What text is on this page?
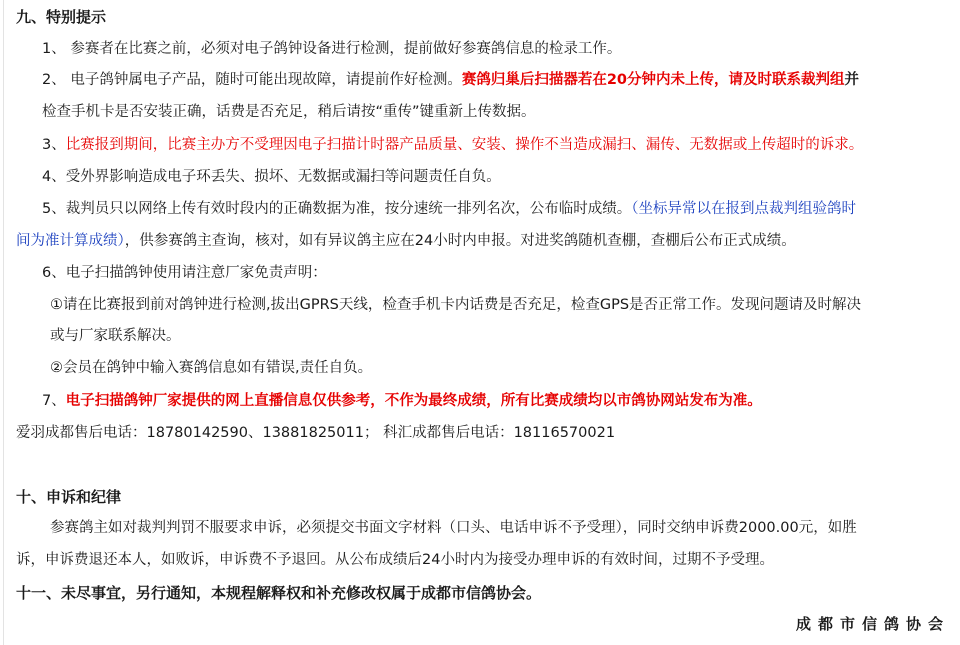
九、特别提示
1、 参赛者在比赛之前，必须对电子鸽钟设备进行检测，提前做好参赛鸽信息的检录工作。
2、 电子鸽钟属电子产品，随时可能出现故障，请提前作好检测。赛鸽归巢后扫描器若在20分钟内未上传，请及时联系裁判组并
检查手机卡是否安装正确，话费是否充足，稍后请按“重传”键重新上传数据。
3、比赛报到期间，比赛主办方不受理因电子扫描计时器产品质量、安装、操作不当造成漏扫、漏传、无数据或上传超时的诉求。
4、受外界影响造成电子环丢失、损坏、无数据或漏扫等问题责任自负。
5、裁判员只以网络上传有效时段内的正确数据为准，按分速统一排列名次，公布临时成绩。（坐标异常以在报到点裁判组验鸽时
间为准计算成绩），供参赛鸽主查询，核对，如有异议鸽主应在24小时内申报。对进奖鸽随机查棚，查棚后公布正式成绩。
6、电子扫描鸽钟使用请注意厂家免责声明：
①请在比赛报到前对鸽钟进行检测,拔出GPRS天线，检查手机卡内话费是否充足，检查GPS是否正常工作。发现问题请及时解决
或与厂家联系解决。
②会员在鸽钟中输入赛鸽信息如有错误,责任自负。
7、电子扫描鸽钟厂家提供的网上直播信息仅供参考，不作为最终成绩，所有比赛成绩均以市鸽协网站发布为准。
爱羽成都售后电话：18780142590、13881825011； 科汇成都售后电话：18116570021
十、申诉和纪律
参赛鸽主如对裁判判罚不服要求申诉，必须提交书面文字材料（口头、电话申诉不予受理），同时交纳申诉费2000.00元，如胜
诉，申诉费退还本人，如败诉，申诉费不予退回。从公布成绩后24小时内为接受办理申诉的有效时间，过期不予受理。
十一、未尽事宜，另行通知，本规程解释权和补充修改权属于成都市信鸽协会。
成都市信鸽协会
